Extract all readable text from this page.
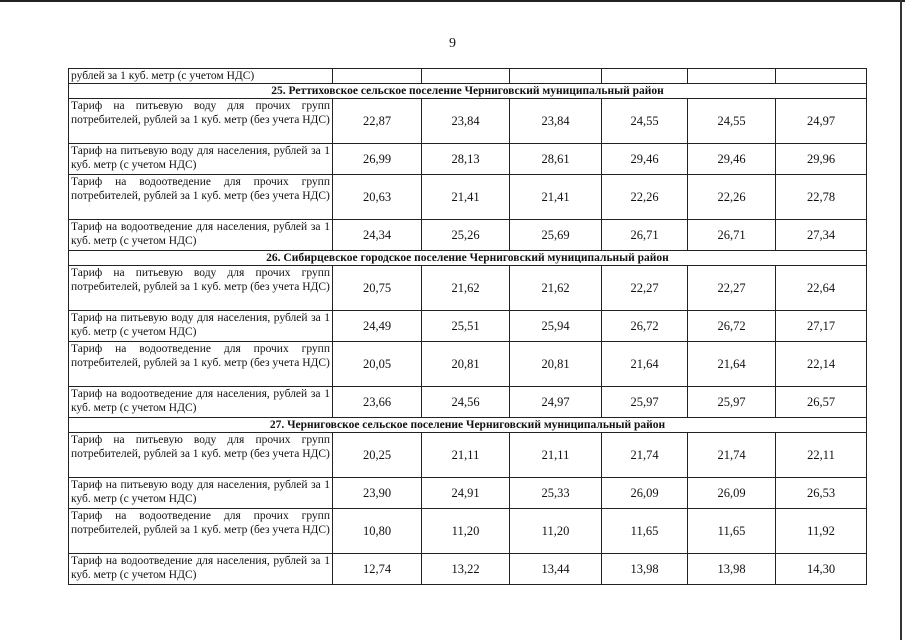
9
рублей за 1 куб. метр (с учетом НДС)						
25. Реттиховское сельское поселение Черниговский муниципальный район						
Тариф на питьевую воду для прочих групп потребителей, рублей за 1 куб. метр (без учета НДС)	22,87	23,84	23,84	24,55	24,55	24,97
Тариф на питьевую воду для населения, рублей за 1 куб. метр (с учетом НДС)	26,99	28,13	28,61	29,46	29,46	29,96
Тариф на водоотведение для прочих групп потребителей, рублей за 1 куб. метр (без учета НДС)	20,63	21,41	21,41	22,26	22,26	22,78
Тариф на водоотведение для населения, рублей за 1 куб. метр (с учетом НДС)	24,34	25,26	25,69	26,71	26,71	27,34
26. Сибирцевское городское поселение Черниговский муниципальный район						
Тариф на питьевую воду для прочих групп потребителей, рублей за 1 куб. метр (без учета НДС)	20,75	21,62	21,62	22,27	22,27	22,64
Тариф на питьевую воду для населения, рублей за 1 куб. метр (с учетом НДС)	24,49	25,51	25,94	26,72	26,72	27,17
Тариф на водоотведение для прочих групп потребителей, рублей за 1 куб. метр (без учета НДС)	20,05	20,81	20,81	21,64	21,64	22,14
Тариф на водоотведение для населения, рублей за 1 куб. метр (с учетом НДС)	23,66	24,56	24,97	25,97	25,97	26,57
27. Черниговское сельское поселение Черниговский муниципальный район						
Тариф на питьевую воду для прочих групп потребителей, рублей за 1 куб. метр (без учета НДС)	20,25	21,11	21,11	21,74	21,74	22,11
Тариф на питьевую воду для населения, рублей за 1 куб. метр (с учетом НДС)	23,90	24,91	25,33	26,09	26,09	26,53
Тариф на водоотведение для прочих групп потребителей, рублей за 1 куб. метр (без учета НДС)	10,80	11,20	11,20	11,65	11,65	11,92
Тариф на водоотведение для населения, рублей за 1 куб. метр (с учетом НДС)	12,74	13,22	13,44	13,98	13,98	14,30
